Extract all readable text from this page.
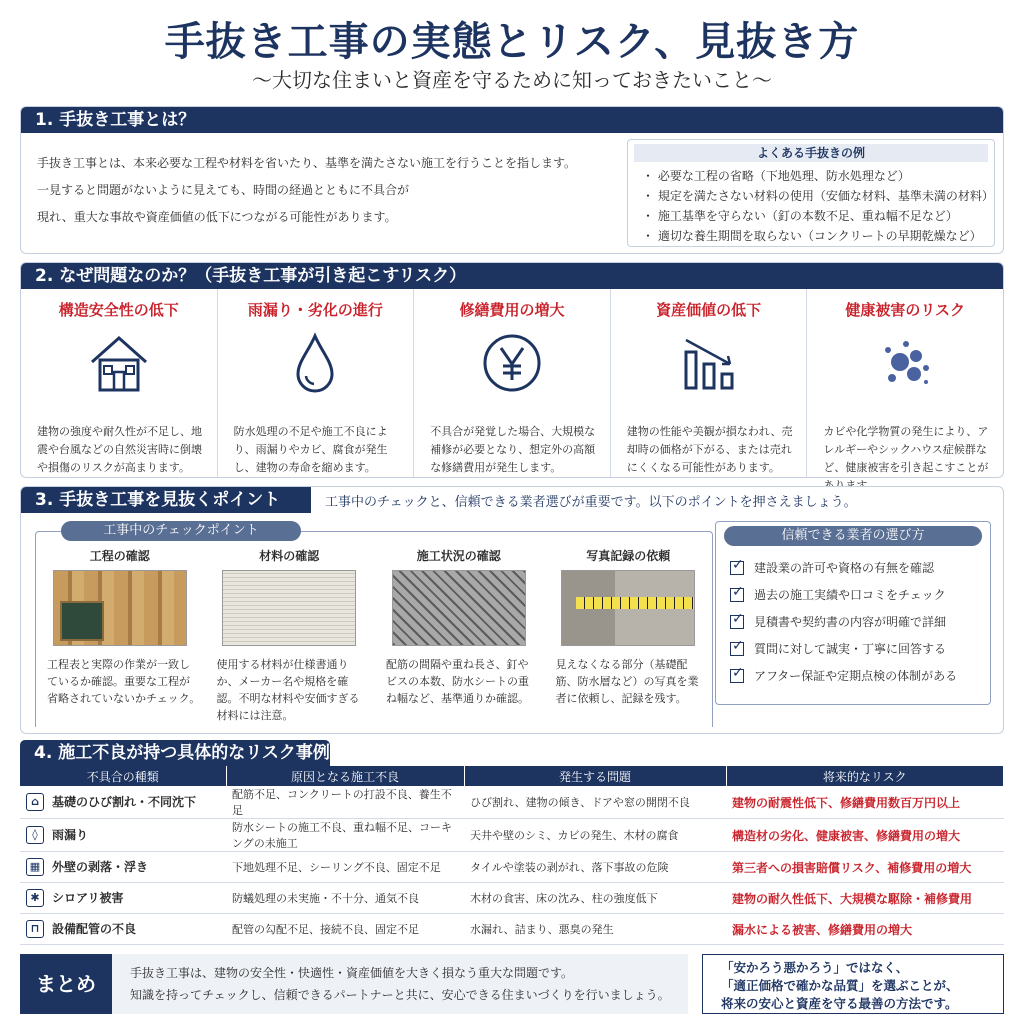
手抜き工事の実態とリスク、見抜き方
〜大切な住まいと資産を守るために知っておきたいこと〜
1. 手抜き工事とは？

手抜き工事とは、本来必要な工程や材料を省いたり、基準を満たさない施工を行うことを指します。

一見すると問題がないように見えても、時間の経過とともに不具合が

現れ、重大な事故や資産価値の低下につながる可能性があります。

よくある手抜きの例
・ 必要な工程の省略（下地処理、防水処理など）
・ 規定を満たさない材料の使用（安価な材料、基準未満の材料）
・ 施工基準を守らない（釘の本数不足、重ね幅不足など）
・ 適切な養生期間を取らない（コンクリートの早期乾燥など）
2. なぜ問題なのか？（手抜き工事が引き起こすリスク）
構造安全性の低下
建物の強度や耐久性が不足し、地震や台風などの自然災害時に倒壊や損傷のリスクが高まります。
雨漏り・劣化の進行
防水処理の不足や施工不良により、雨漏りやカビ、腐食が発生し、建物の寿命を縮めます。
修繕費用の増大
不具合が発覚した場合、大規模な補修が必要となり、想定外の高額な修繕費用が発生します。
資産価値の低下
建物の性能や美観が損なわれ、売却時の価格が下がる、または売れにくくなる可能性があります。
健康被害のリスク
カビや化学物質の発生により、アレルギーやシックハウス症候群など、健康被害を引き起こすことが
3. 手抜き工事を見抜くポイント	工事中のチェックと、信頼できる業者選びが重要です。以下のポイントを押さえましょう。
工事中のチェックポイント
工程の確認
工程表と実際の作業が一致しているか確認。重要な工程が省略されていないかチェック。
材料の確認
使用する材料が仕様書通りか、メーカー名や規格を確認。不明な材料や安価すぎる材料には注意。
施工状況の確認
配筋の間隔や重ね長さ、釘やビスの本数、防水シートの重ね幅など、基準通りか確認。
写真記録の依頼
見えなくなる部分（基礎配筋、防水層など）の写真を業者に依頼し、記録を残す。
信頼できる業者の選び方
✓
建設業の許可や資格の有無を確認
✓
過去の施工実績や口コミをチェック
✓
見積書や契約書の内容が明確で詳細
✓
質問に対して誠実・丁寧に回答する
✓
アフター保証や定期点検の体制がある
4. 施工不良が持つ具体的なリスク事例
不具合の種類	原因となる施工不良	発生する問題	将来的なリスク
⌂ 基礎のひび割れ・不同沈下	配筋不足、コンクリートの打設不良、養生不足	ひび割れ、建物の傾き、ドアや窓の開閉不良	建物の耐震性低下、修繕費用数百万円以上
◊ 雨漏り	防水シートの施工不良、重ね幅不足、コーキングの未施工	天井や壁のシミ、カビの発生、木材の腐食	構造材の劣化、健康被害、修繕費用の増大
▦ 外壁の剥落・浮き	下地処理不足、シーリング不良、固定不足	タイルや塗装の剥がれ、落下事故の危険	第三者への損害賠償リスク、補修費用の増大
✱ シロアリ被害	防蟻処理の未実施・不十分、通気不良	木材の食害、床の沈み、柱の強度低下	建物の耐久性低下、大規模な駆除・補修費用
⊓ 設備配管の不良	配管の勾配不足、接続不良、固定不足	水漏れ、詰まり、悪臭の発生	漏水による被害、修繕費用の増大
まとめ	手抜き工事は、建物の安全性・快適性・資産価値を大きく損なう重大な問題です。
知識を持ってチェックし、信頼できるパートナーと共に、安心できる住まいづくりを行いましょう。
「安かろう悪かろう」ではなく、
「適正価格で確かな品質」を選ぶことが、
将来の安心と資産を守る最善の方法です。
